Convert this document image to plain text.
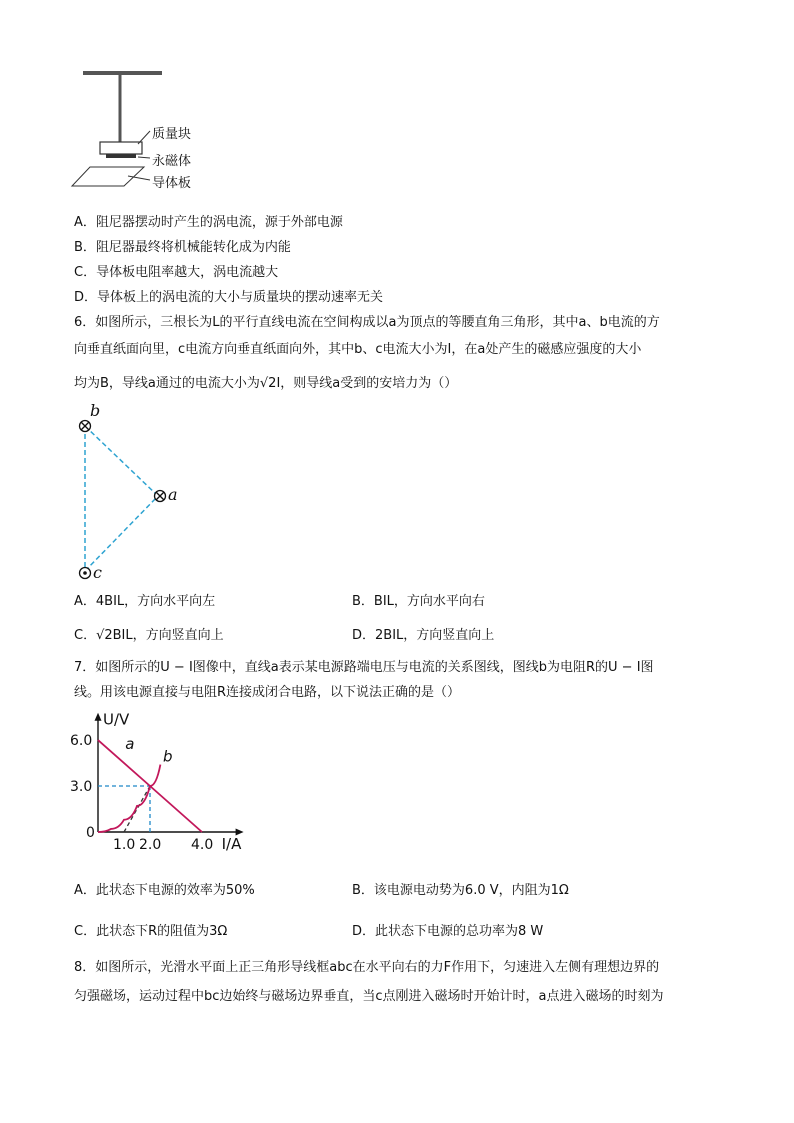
质量块
永磁体
导体板
A．阻尼器摆动时产生的涡电流，源于外部电源
B．阻尼器最终将机械能转化成为内能
C．导体板电阻率越大，涡电流越大
D．导体板上的涡电流的大小与质量块的摆动速率无关
6．如图所示，三根长为L的平行直线电流在空间构成以a为顶点的等腰直角三角形，其中a、b电流的方
向垂直纸面向里，c电流方向垂直纸面向外，其中b、c电流大小为I，在a处产生的磁感应强度的大小
均为B，导线a通过的电流大小为√2I，则导线a受到的安培力为（）
b
a
c
A．4BIL，方向水平向左	B．BIL，方向水平向右
C．√2BIL，方向竖直向上	D．2BIL，方向竖直向上
7．如图所示的U − I图像中，直线a表示某电源路端电压与电流的关系图线，图线b为电阻R的U − I图
线。用该电源直接与电阻R连接成闭合电路，以下说法正确的是（）
U/V
I/A
0
1.0 2.0 4.0
6.0
3.0
a
b
A．此状态下电源的效率为50%	B．该电源电动势为6.0 V，内阻为1Ω
C．此状态下R的阻值为3Ω	D．此状态下电源的总功率为8 W
8．如图所示，光滑水平面上正三角形导线框abc在水平向右的力F作用下，匀速进入左侧有理想边界的
匀强磁场，运动过程中bc边始终与磁场边界垂直，当c点刚进入磁场时开始计时，a点进入磁场的时刻为
